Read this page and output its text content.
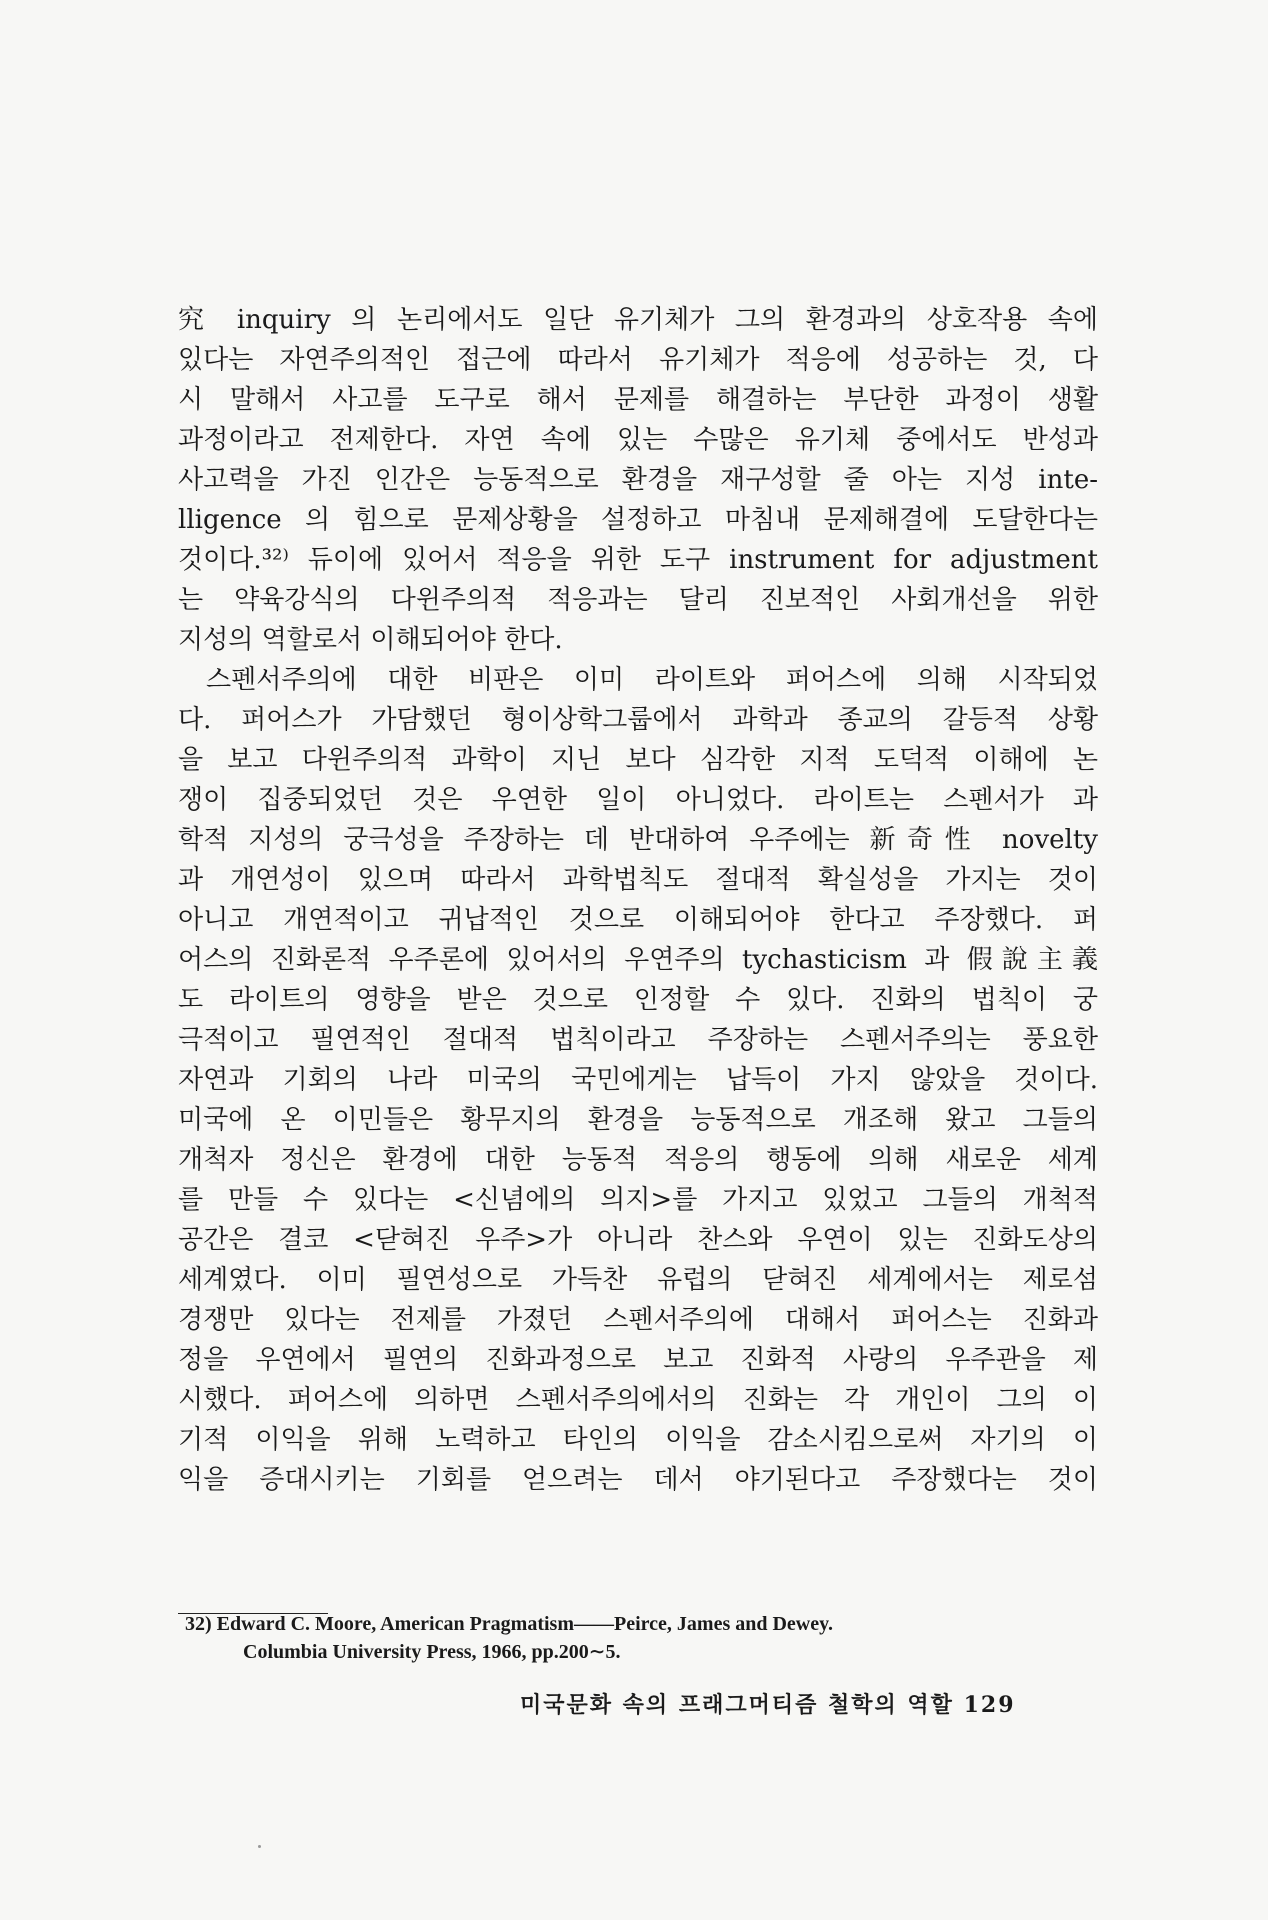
究 inquiry 의 논리에서도 일단 유기체가 그의 환경과의 상호작용 속에
있다는 자연주의적인 접근에 따라서 유기체가 적응에 성공하는 것, 다
시 말해서 사고를 도구로 해서 문제를 해결하는 부단한 과정이 생활
과정이라고 전제한다. 자연 속에 있는 수많은 유기체 중에서도 반성과
사고력을 가진 인간은 능동적으로 환경을 재구성할 줄 아는 지성 inte-
lligence 의 힘으로 문제상황을 설정하고 마침내 문제해결에 도달한다는
것이다.³²⁾ 듀이에 있어서 적응을 위한 도구 instrument for adjustment
는 약육강식의 다윈주의적 적응과는 달리 진보적인 사회개선을 위한
지성의 역할로서 이해되어야 한다.
스펜서주의에 대한 비판은 이미 라이트와 퍼어스에 의해 시작되었
다. 퍼어스가 가담했던 형이상학그룹에서 과학과 종교의 갈등적 상황
을 보고 다윈주의적 과학이 지닌 보다 심각한 지적 도덕적 이해에 논
쟁이 집중되었던 것은 우연한 일이 아니었다. 라이트는 스펜서가 과
학적 지성의 궁극성을 주장하는 데 반대하여 우주에는 新奇性 novelty
과 개연성이 있으며 따라서 과학법칙도 절대적 확실성을 가지는 것이
아니고 개연적이고 귀납적인 것으로 이해되어야 한다고 주장했다. 퍼
어스의 진화론적 우주론에 있어서의 우연주의 tychasticism 과 假說主義
도 라이트의 영향을 받은 것으로 인정할 수 있다. 진화의 법칙이 궁
극적이고 필연적인 절대적 법칙이라고 주장하는 스펜서주의는 풍요한
자연과 기회의 나라 미국의 국민에게는 납득이 가지 않았을 것이다.
미국에 온 이민들은 황무지의 환경을 능동적으로 개조해 왔고 그들의
개척자 정신은 환경에 대한 능동적 적응의 행동에 의해 새로운 세계
를 만들 수 있다는 <신념에의 의지>를 가지고 있었고 그들의 개척적
공간은 결코 <닫혀진 우주>가 아니라 찬스와 우연이 있는 진화도상의
세계였다. 이미 필연성으로 가득찬 유럽의 닫혀진 세계에서는 제로섬
경쟁만 있다는 전제를 가졌던 스펜서주의에 대해서 퍼어스는 진화과
정을 우연에서 필연의 진화과정으로 보고 진화적 사랑의 우주관을 제
시했다. 퍼어스에 의하면 스펜서주의에서의 진화는 각 개인이 그의 이
기적 이익을 위해 노력하고 타인의 이익을 감소시킴으로써 자기의 이
익을 증대시키는 기회를 얻으려는 데서 야기된다고 주장했다는 것이
32) Edward C. Moore, American Pragmatism——Peirce, James and Dewey.
Columbia University Press, 1966, pp.200∼5.
미국문화 속의 프래그머티즘 철학의 역할 129
